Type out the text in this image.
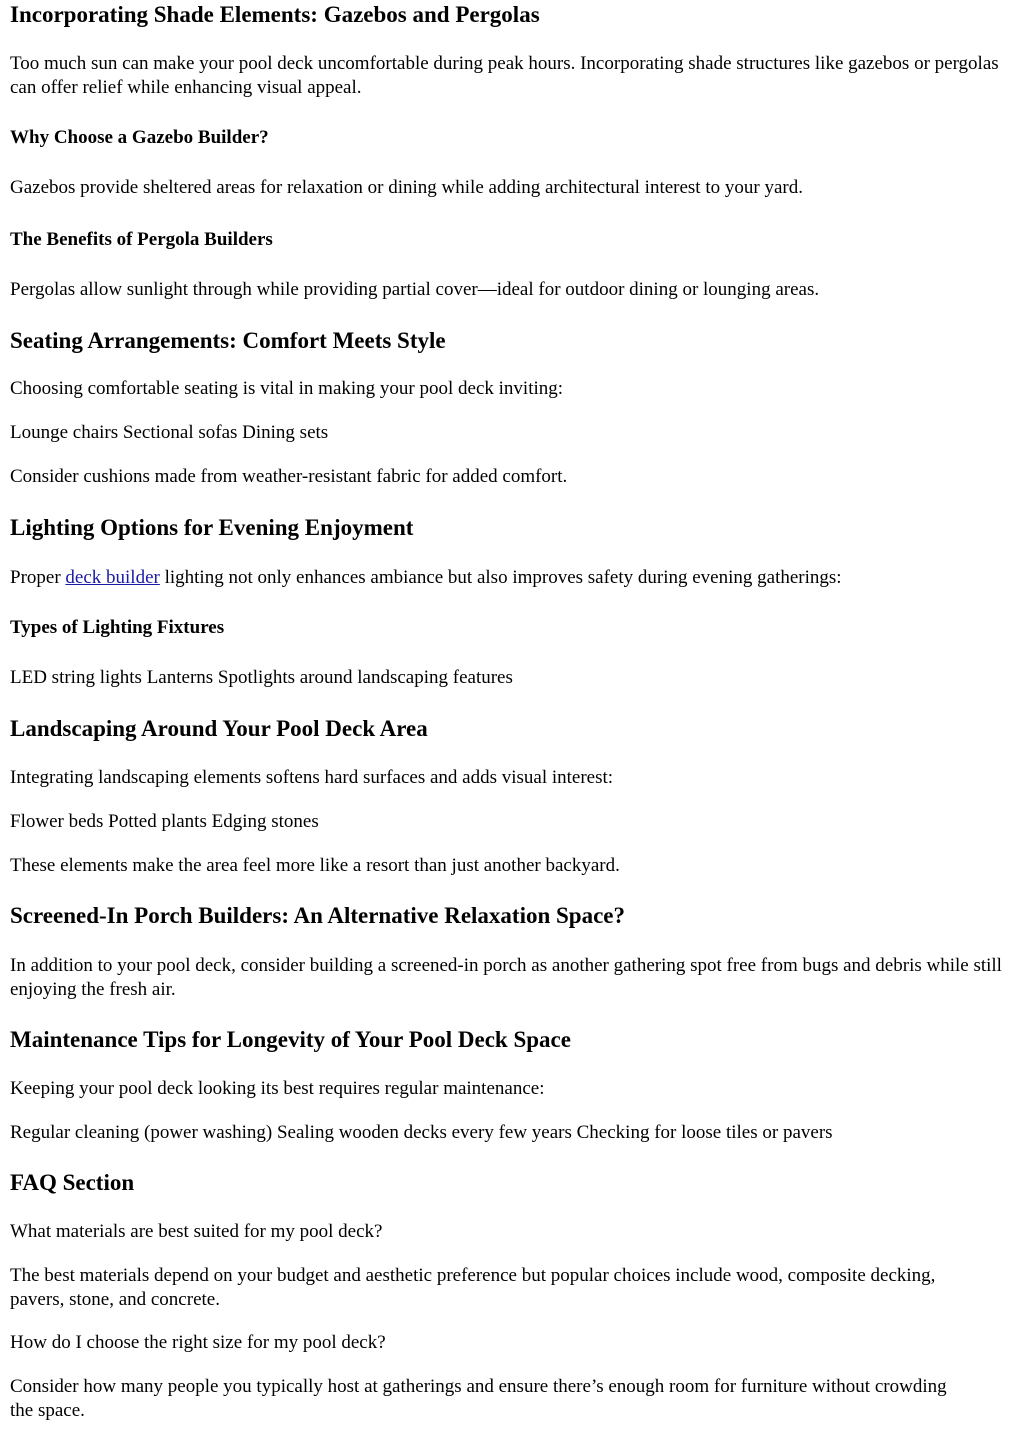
Incorporating Shade Elements: Gazebos and Pergolas

Too much sun can make your pool deck uncomfortable during peak hours. Incorporating shade structures like gazebos or pergolas can offer relief while enhancing visual appeal.

Why Choose a Gazebo Builder?

Gazebos provide sheltered areas for relaxation or dining while adding architectural interest to your yard.

The Benefits of Pergola Builders

Pergolas allow sunlight through while providing partial cover—ideal for outdoor dining or lounging areas.

Seating Arrangements: Comfort Meets Style

Choosing comfortable seating is vital in making your pool deck inviting:

Lounge chairs Sectional sofas Dining sets

Consider cushions made from weather-resistant fabric for added comfort.

Lighting Options for Evening Enjoyment

Proper deck builder lighting not only enhances ambiance but also improves safety during evening gatherings:

Types of Lighting Fixtures

LED string lights Lanterns Spotlights around landscaping features

Landscaping Around Your Pool Deck Area

Integrating landscaping elements softens hard surfaces and adds visual interest:

Flower beds Potted plants Edging stones

These elements make the area feel more like a resort than just another backyard.

Screened-In Porch Builders: An Alternative Relaxation Space?

In addition to your pool deck, consider building a screened-in porch as another gathering spot free from bugs and debris while still enjoying the fresh air.

Maintenance Tips for Longevity of Your Pool Deck Space

Keeping your pool deck looking its best requires regular maintenance:

Regular cleaning (power washing) Sealing wooden decks every few years Checking for loose tiles or pavers

FAQ Section

What materials are best suited for my pool deck?

The best materials depend on your budget and aesthetic preference but popular choices include wood, composite decking, pavers, stone, and concrete.

How do I choose the right size for my pool deck?

Consider how many people you typically host at gatherings and ensure there’s enough room for furniture without crowding the space.
